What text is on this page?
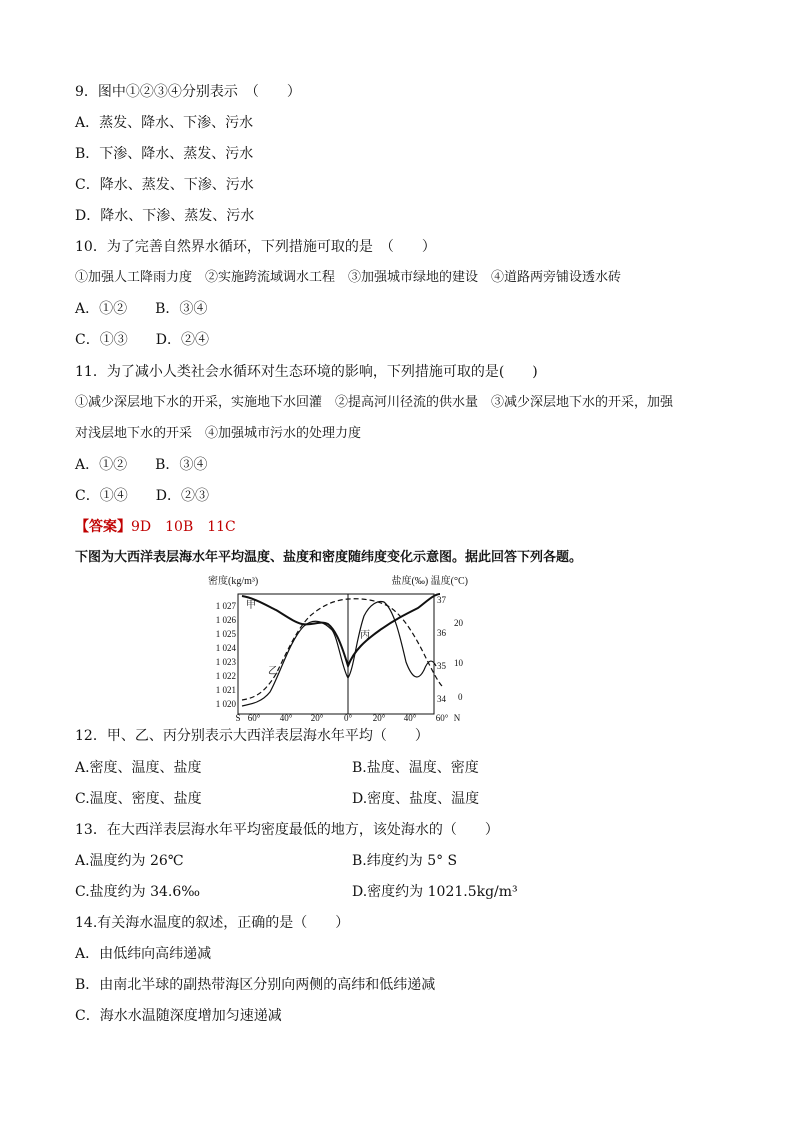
9．图中①②③④分别表示　（　　）
A．蒸发、降水、下渗、污水
B．下渗、降水、蒸发、污水
C．降水、蒸发、下渗、污水
D．降水、下渗、蒸发、污水
10．为了完善自然界水循环，下列措施可取的是　（　　）
①加强人工降雨力度　②实施跨流域调水工程　③加强城市绿地的建设　④道路两旁铺设透水砖
A．①② B．③④
C．①③ D．②④
11．为了减小人类社会水循环对生态环境的影响，下列措施可取的是(　　)
①减少深层地下水的开采，实施地下水回灌　②提高河川径流的供水量　③减少深层地下水的开采，加强
对浅层地下水的开采　④加强城市污水的处理力度
A．①② B．③④
C．①④ D．②③
【答案】9D　10B　11C
下图为大西洋表层海水年平均温度、盐度和密度随纬度变化示意图。据此回答下列各题。
密度(kg/m³)	盐度(‰) 温度(°C)
1 027
1 026
1 025
1 024
1 023
1 022
1 021
1 020
37
36
35
34
20
10
0
S 60° 40° 20° 0° 20° 40° 60° N
甲
乙
丙
12．甲、乙、丙分别表示大西洋表层海水年平均（　　）
A.密度、温度、盐度	B.盐度、温度、密度
C.温度、密度、盐度	D.密度、盐度、温度
13．在大西洋表层海水年平均密度最低的地方，该处海水的（　　）
A.温度约为 26℃	B.纬度约为 5° S
C.盐度约为 34.6‰	D.密度约为 1021.5kg/m³
14.有关海水温度的叙述，正确的是（　　）
A．由低纬向高纬递减
B．由南北半球的副热带海区分别向两侧的高纬和低纬递减
C．海水水温随深度增加匀速递减
